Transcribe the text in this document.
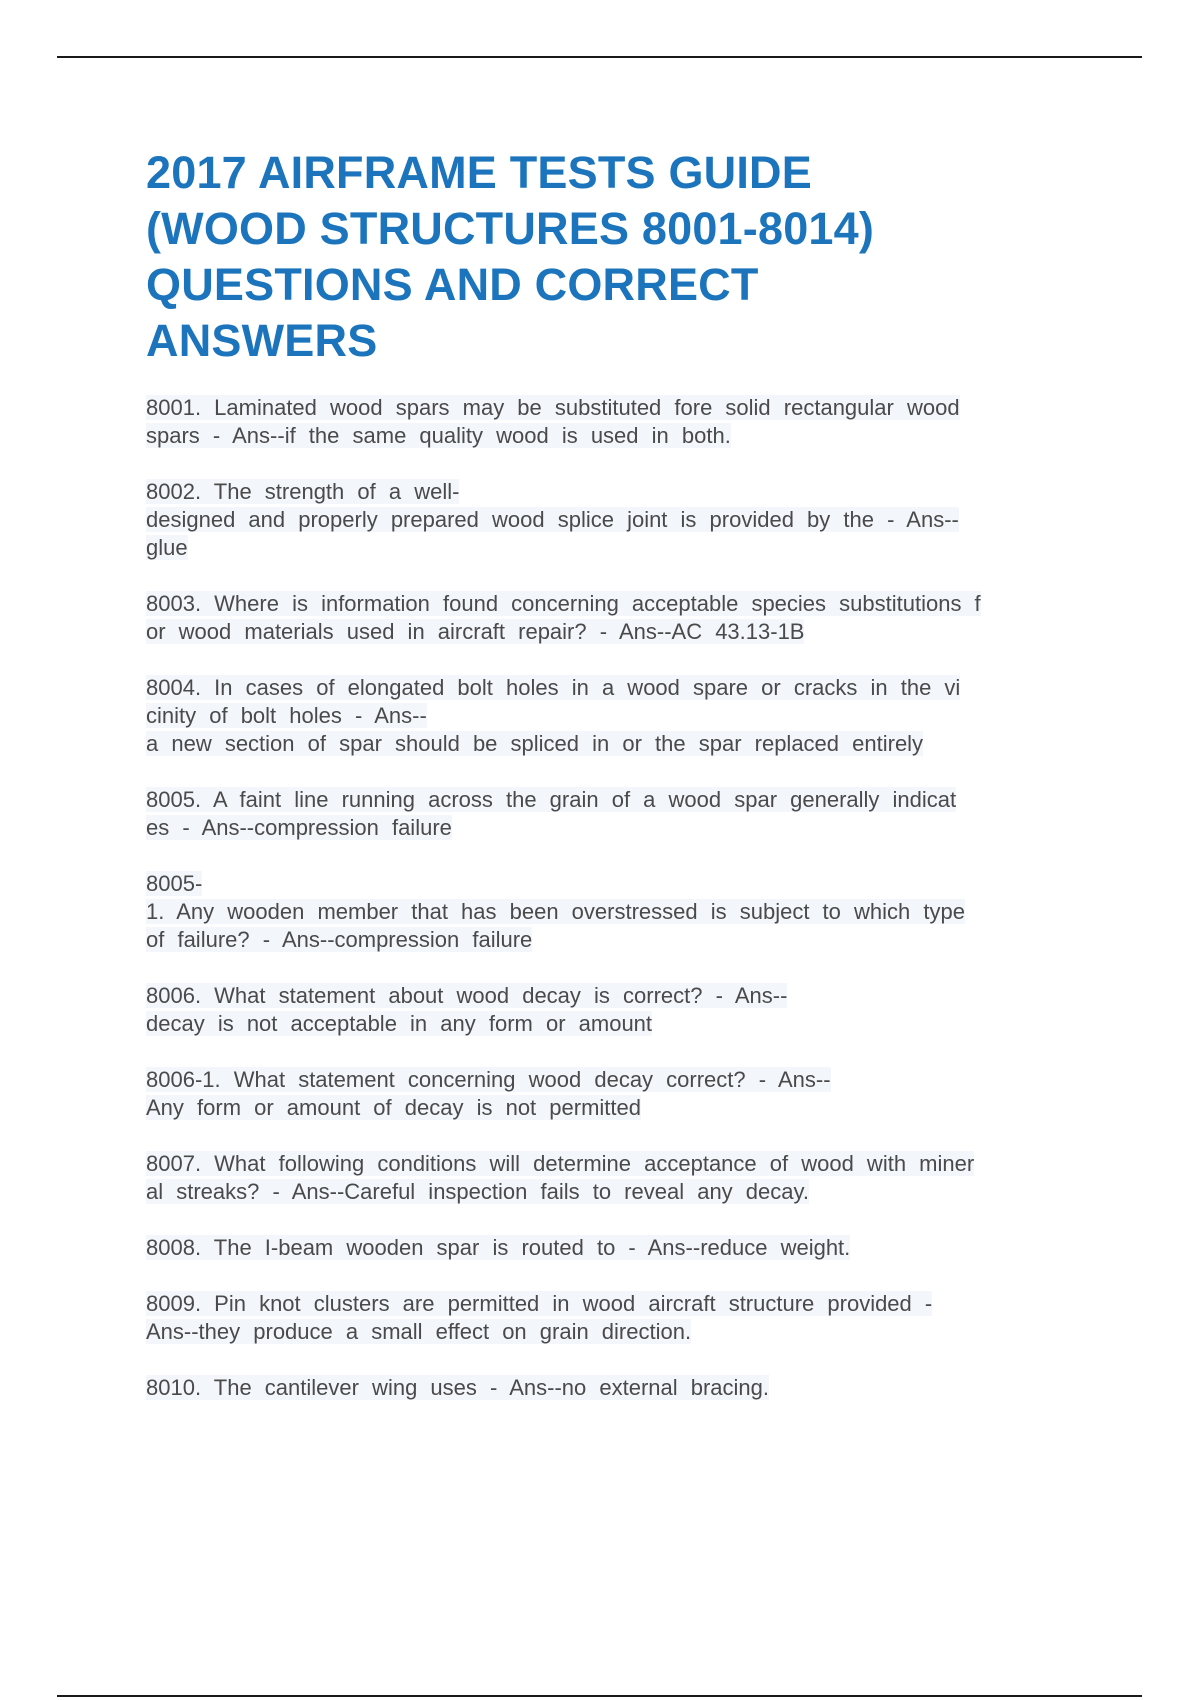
2017 AIRFRAME TESTS GUIDE
(WOOD STRUCTURES 8001-8014)
QUESTIONS AND CORRECT
ANSWERS

8001. Laminated wood spars may be substituted fore solid rectangular wood
spars - Ans--if the same quality wood is used in both.

8002. The strength of a well-
designed and properly prepared wood splice joint is provided by the - Ans--
glue

8003. Where is information found concerning acceptable species substitutions f
or wood materials used in aircraft repair? - Ans--AC 43.13-1B

8004. In cases of elongated bolt holes in a wood spare or cracks in the vi
cinity of bolt holes - Ans--
a new section of spar should be spliced in or the spar replaced entirely

8005. A faint line running across the grain of a wood spar generally indicat
es - Ans--compression failure

8005-
1. Any wooden member that has been overstressed is subject to which type
of failure? - Ans--compression failure

8006. What statement about wood decay is correct? - Ans--
decay is not acceptable in any form or amount

8006-1. What statement concerning wood decay correct? - Ans--
Any form or amount of decay is not permitted

8007. What following conditions will determine acceptance of wood with miner
al streaks? - Ans--Careful inspection fails to reveal any decay.

8008. The I-beam wooden spar is routed to - Ans--reduce weight.

8009. Pin knot clusters are permitted in wood aircraft structure provided -
Ans--they produce a small effect on grain direction.

8010. The cantilever wing uses - Ans--no external bracing.
